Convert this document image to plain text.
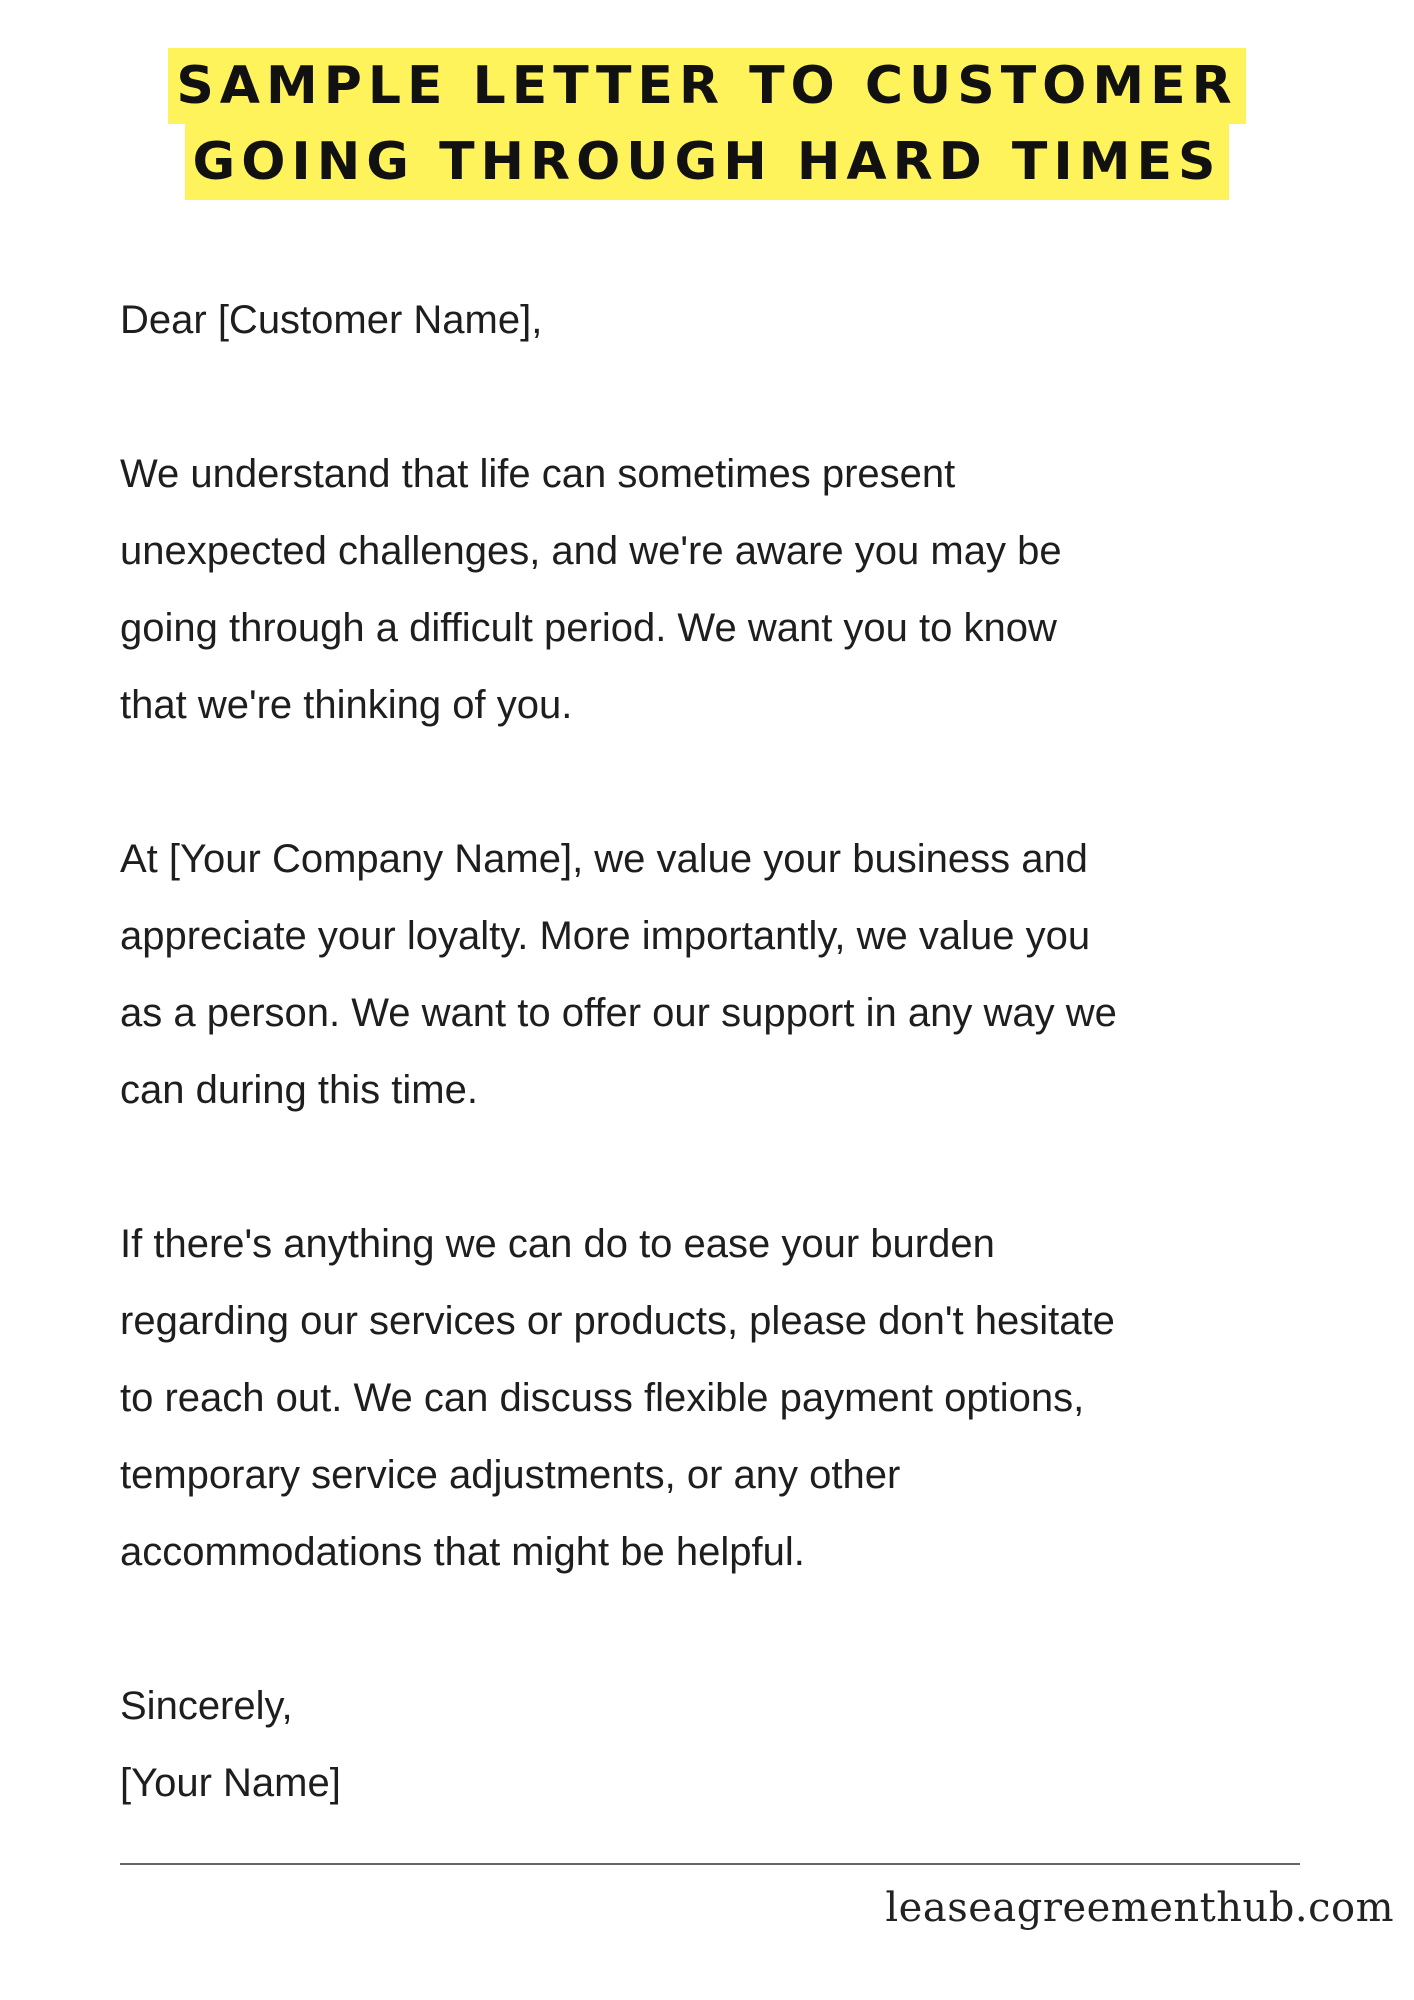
SAMPLE LETTER TO CUSTOMER
GOING THROUGH HARD TIMES

Dear [Customer Name],

We understand that life can sometimes present

unexpected challenges, and we're aware you may be

going through a difficult period. We want you to know

that we're thinking of you.

At [Your Company Name], we value your business and

appreciate your loyalty. More importantly, we value you

as a person. We want to offer our support in any way we

can during this time.

If there's anything we can do to ease your burden

regarding our services or products, please don't hesitate

to reach out. We can discuss flexible payment options,

temporary service adjustments, or any other

accommodations that might be helpful.

Sincerely,

[Your Name]

leaseagreementhub.com
